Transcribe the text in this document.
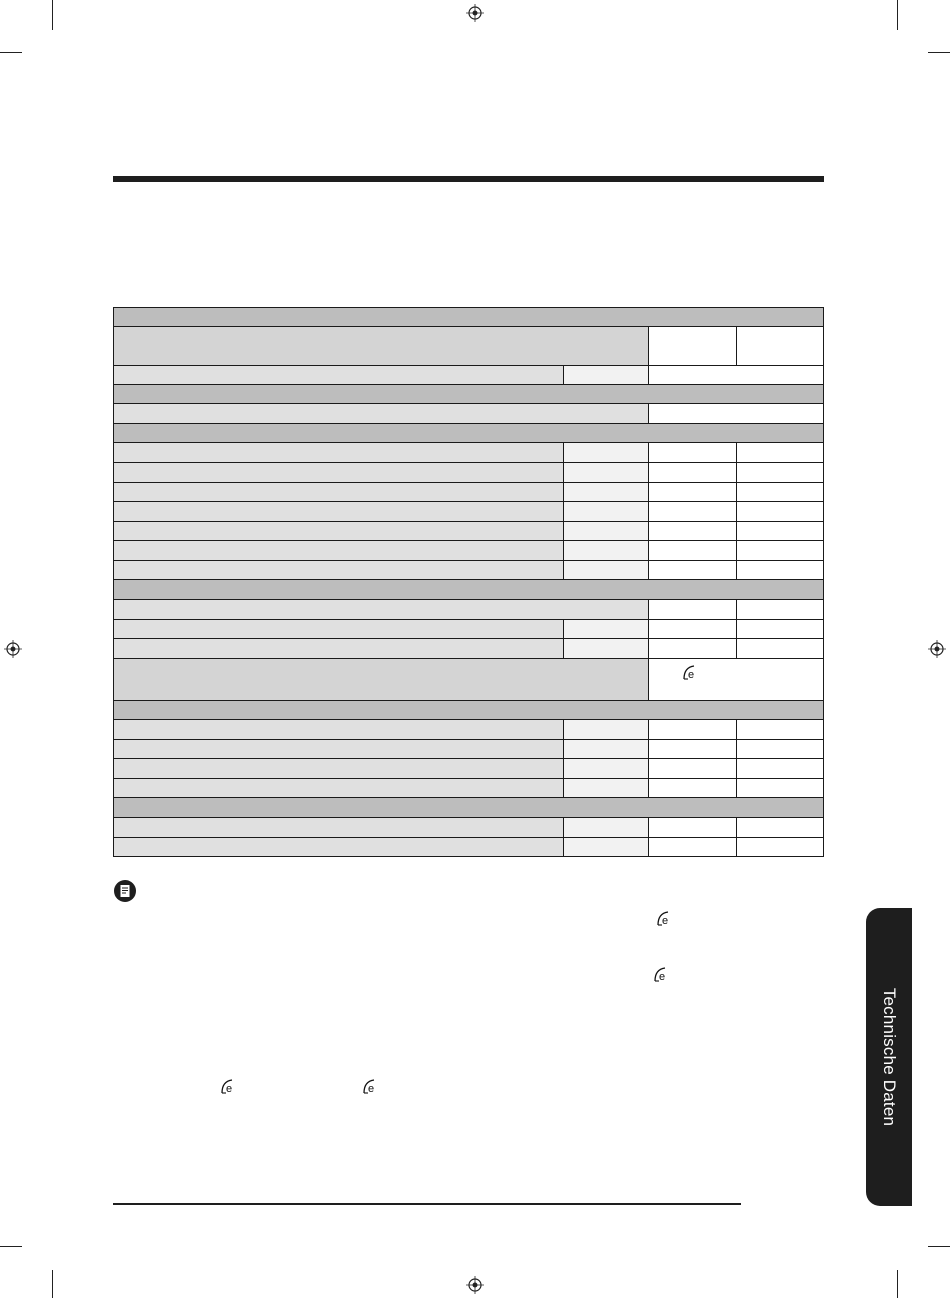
e
e
e
e	e	Technische Daten
